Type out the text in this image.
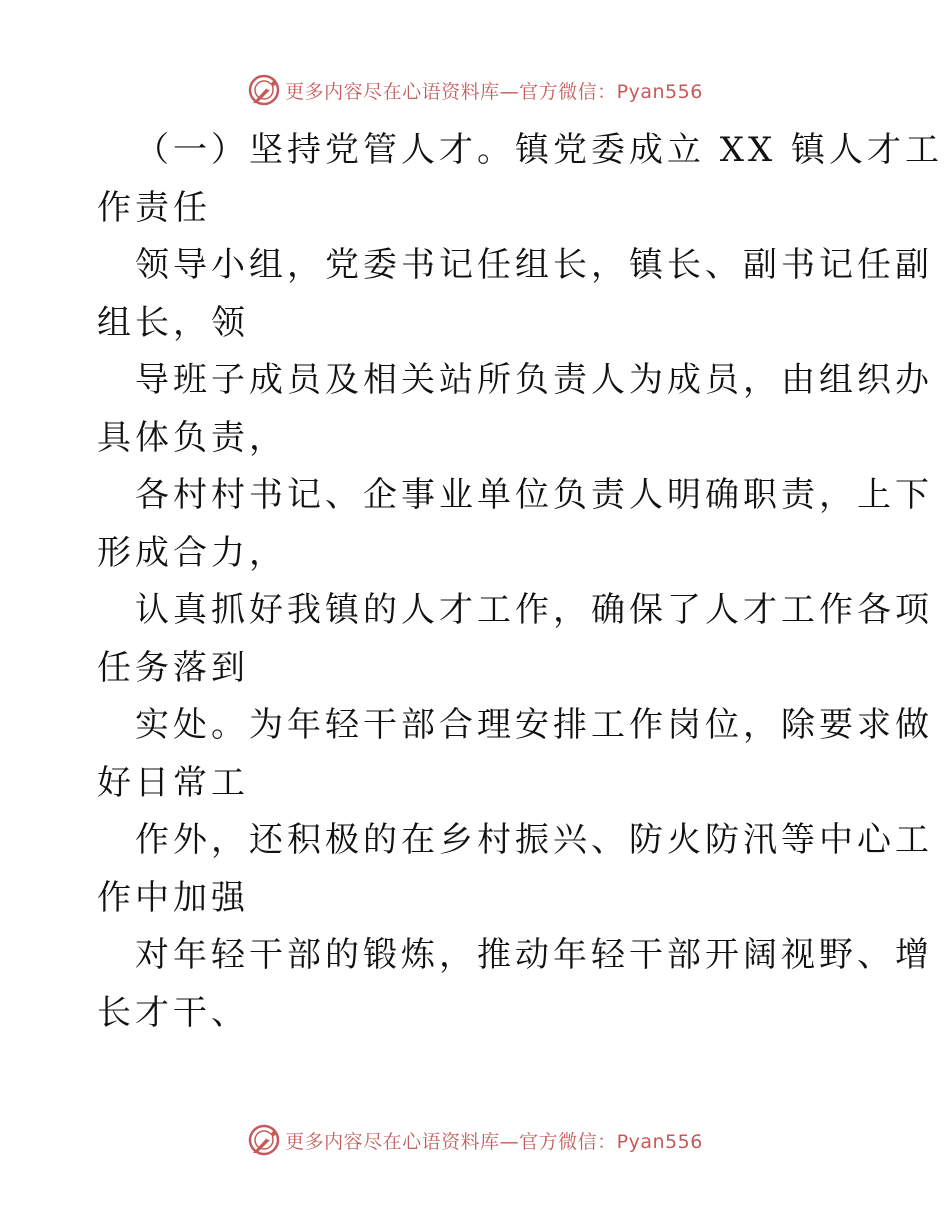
更多内容尽在心语资料库—官方微信：Pyan556
（一）坚持党管人才。镇党委成立 XX 镇人才工
作责任
领导小组，党委书记任组长，镇长、副书记任副
组长，领
导班子成员及相关站所负责人为成员，由组织办
具体负责，
各村村书记、企事业单位负责人明确职责，上下
形成合力，
认真抓好我镇的人才工作，确保了人才工作各项
任务落到
实处。为年轻干部合理安排工作岗位，除要求做
好日常工
作外，还积极的在乡村振兴、防火防汛等中心工
作中加强
对年轻干部的锻炼，推动年轻干部开阔视野、增
长才干、
更多内容尽在心语资料库—官方微信：Pyan556
